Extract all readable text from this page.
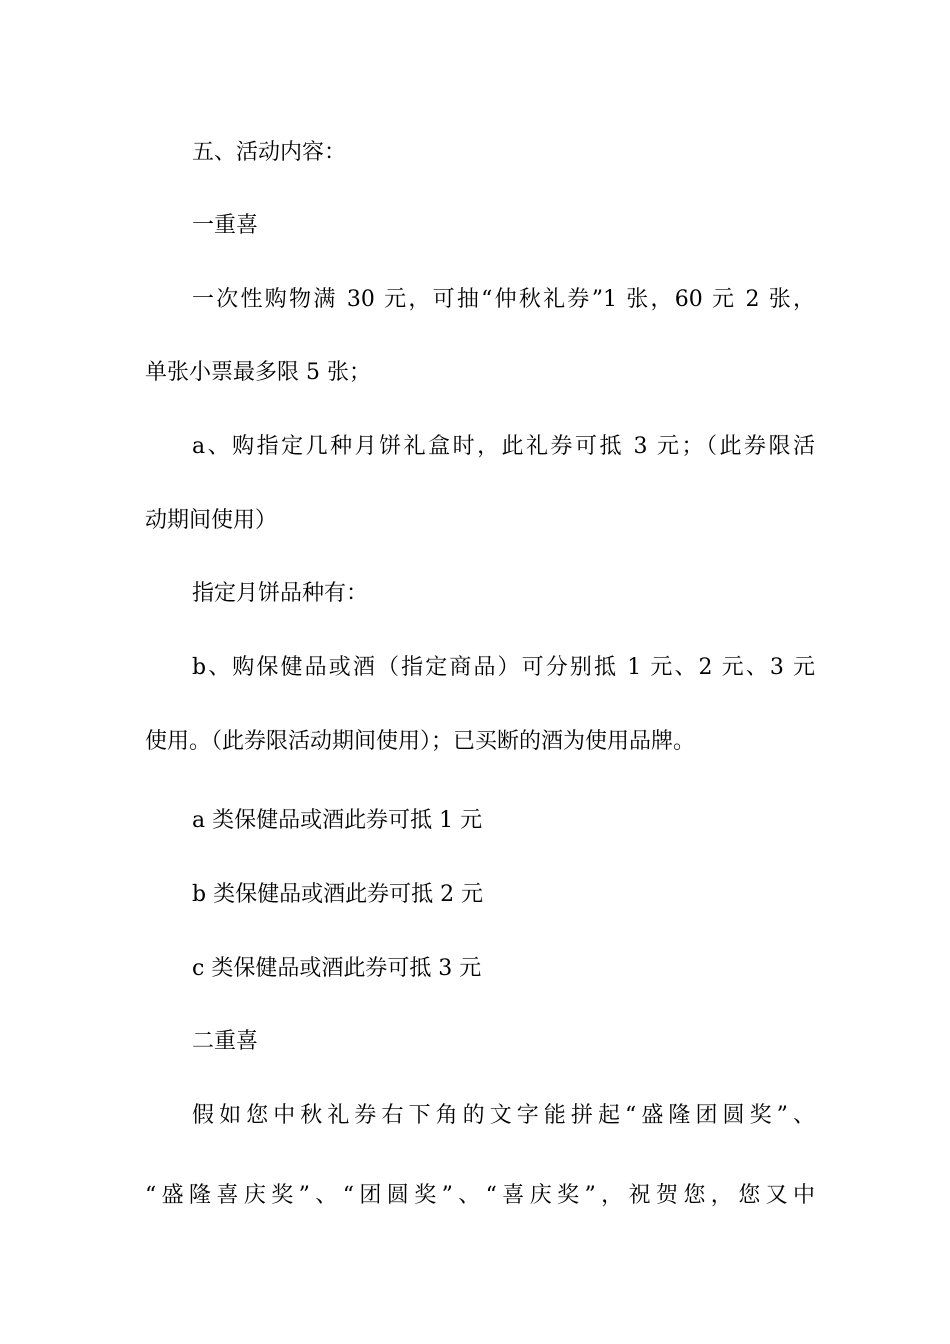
五、活动内容：
一重喜
一次性购物满 30 元，可抽“仲秋礼券”1 张，60 元 2 张，
单张小票最多限 5 张；
a、购指定几种月饼礼盒时，此礼券可抵 3 元；（此券限活
动期间使用）
指定月饼品种有：
b、购保健品或酒（指定商品）可分别抵 1 元、2 元、3 元
使用。（此券限活动期间使用）；已买断的酒为使用品牌。
a 类保健品或酒此券可抵 1 元
b 类保健品或酒此券可抵 2 元
c 类保健品或酒此券可抵 3 元
二重喜
假如您中秋礼券右下角的文字能拼起“盛隆团圆奖”、
“盛隆喜庆奖”、“团圆奖”、“喜庆奖”，祝贺您，您又中
